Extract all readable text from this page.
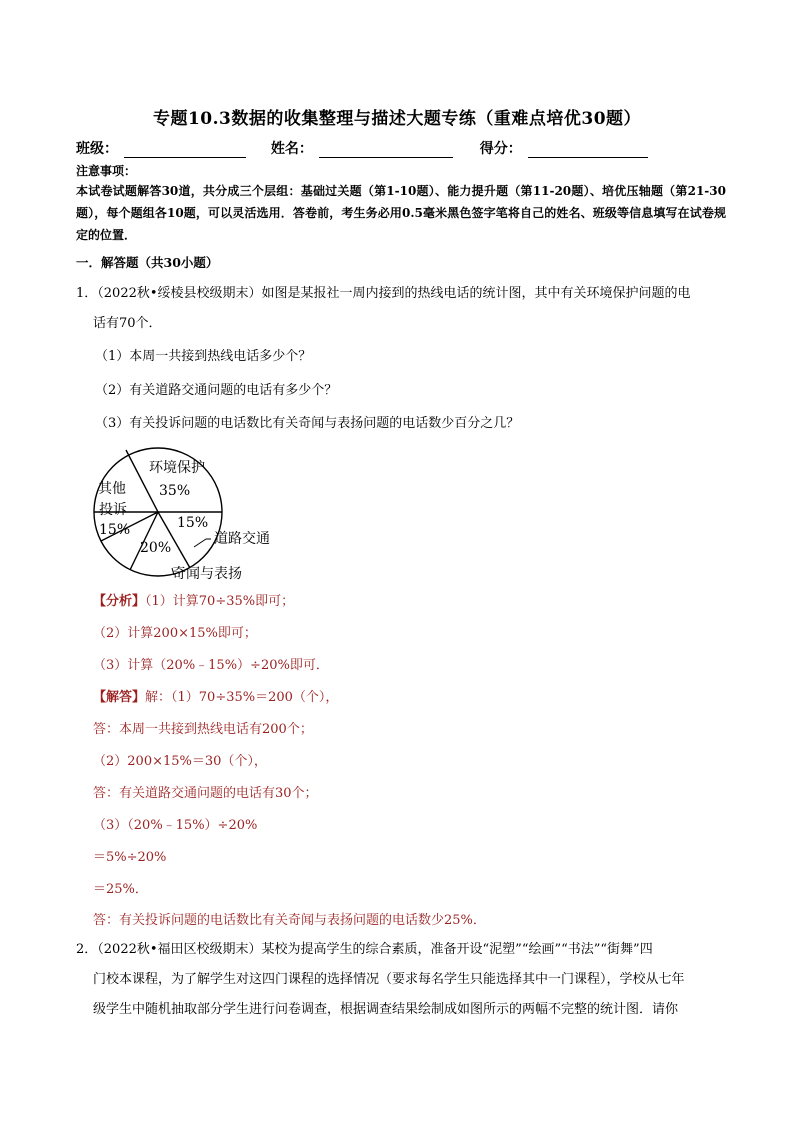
专题10.3数据的收集整理与描述大题专练（重难点培优30题）
班级：	姓名：	得分：
注意事项：
本试卷试题解答30道，共分成三个层组：基础过关题（第1-10题）、能力提升题（第11-20题）、培优压轴题（第21-30题），每个题组各10题，可以灵活选用．答卷前，考生务必用0.5毫米黑色签字笔将自己的姓名、班级等信息填写在试卷规定的位置．
一．解答题（共30小题）
1．（2022秋•绥棱县校级期末）如图是某报社一周内接到的热线电话的统计图，其中有关环境保护问题的电
话有70个．
（1）本周一共接到热线电话多少个？
（2）有关道路交通问题的电话有多少个？
（3）有关投诉问题的电话数比有关奇闻与表扬问题的电话数少百分之几？
环境保护
35%
其他
投诉
15%	15%
20%
道路交通
奇闻与表扬
【分析】（1）计算70÷35%即可；
（2）计算200×15%即可；
（3）计算（20%﹣15%）÷20%即可．
【解答】解：（1）70÷35%＝200（个），
答：本周一共接到热线电话有200个；
（2）200×15%＝30（个），
答：有关道路交通问题的电话有30个；
（3）（20%﹣15%）÷20%
＝5%÷20%
＝25%．
答：有关投诉问题的电话数比有关奇闻与表扬问题的电话数少25%．
2．（2022秋•福田区校级期末）某校为提高学生的综合素质，准备开设“泥塑”“绘画”“书法”“街舞”四
门校本课程，为了解学生对这四门课程的选择情况（要求每名学生只能选择其中一门课程），学校从七年
级学生中随机抽取部分学生进行问卷调查，根据调查结果绘制成如图所示的两幅不完整的统计图．请你
